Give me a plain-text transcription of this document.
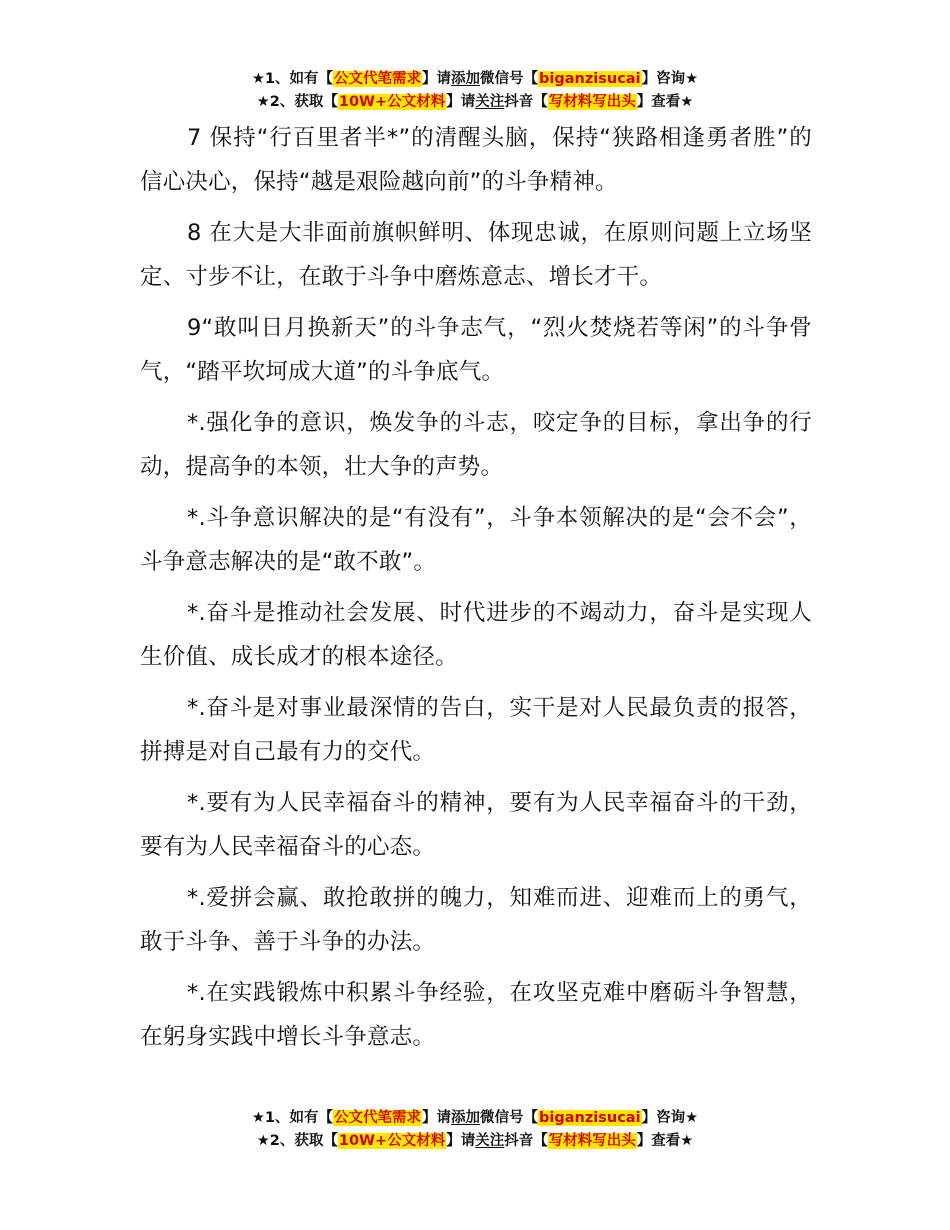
★1、如有【公文代笔需求】请添加微信号【biganzisucai】咨询★
★2、获取【10W+公文材料】请关注抖音【写材料写出头】查看★

7 保持“行百里者半*”的清醒头脑，保持“狭路相逢勇者胜”的信心决心，保持“越是艰险越向前”的斗争精神。

8 在大是大非面前旗帜鲜明、体现忠诚，在原则问题上立场坚定、寸步不让，在敢于斗争中磨炼意志、增长才干。

9“敢叫日月换新天”的斗争志气，“烈火焚烧若等闲”的斗争骨气，“踏平坎坷成大道”的斗争底气。

*.强化争的意识，焕发争的斗志，咬定争的目标，拿出争的行动，提高争的本领，壮大争的声势。

*.斗争意识解决的是“有没有”，斗争本领解决的是“会不会”，斗争意志解决的是“敢不敢”。

*.奋斗是推动社会发展、时代进步的不竭动力，奋斗是实现人生价值、成长成才的根本途径。

*.奋斗是对事业最深情的告白，实干是对人民最负责的报答，拼搏是对自己最有力的交代。

*.要有为人民幸福奋斗的精神，要有为人民幸福奋斗的干劲，要有为人民幸福奋斗的心态。

*.爱拼会赢、敢抢敢拼的魄力，知难而进、迎难而上的勇气，敢于斗争、善于斗争的办法。

*.在实践锻炼中积累斗争经验，在攻坚克难中磨砺斗争智慧，在躬身实践中增长斗争意志。

★1、如有【公文代笔需求】请添加微信号【biganzisucai】咨询★
★2、获取【10W+公文材料】请关注抖音【写材料写出头】查看★
